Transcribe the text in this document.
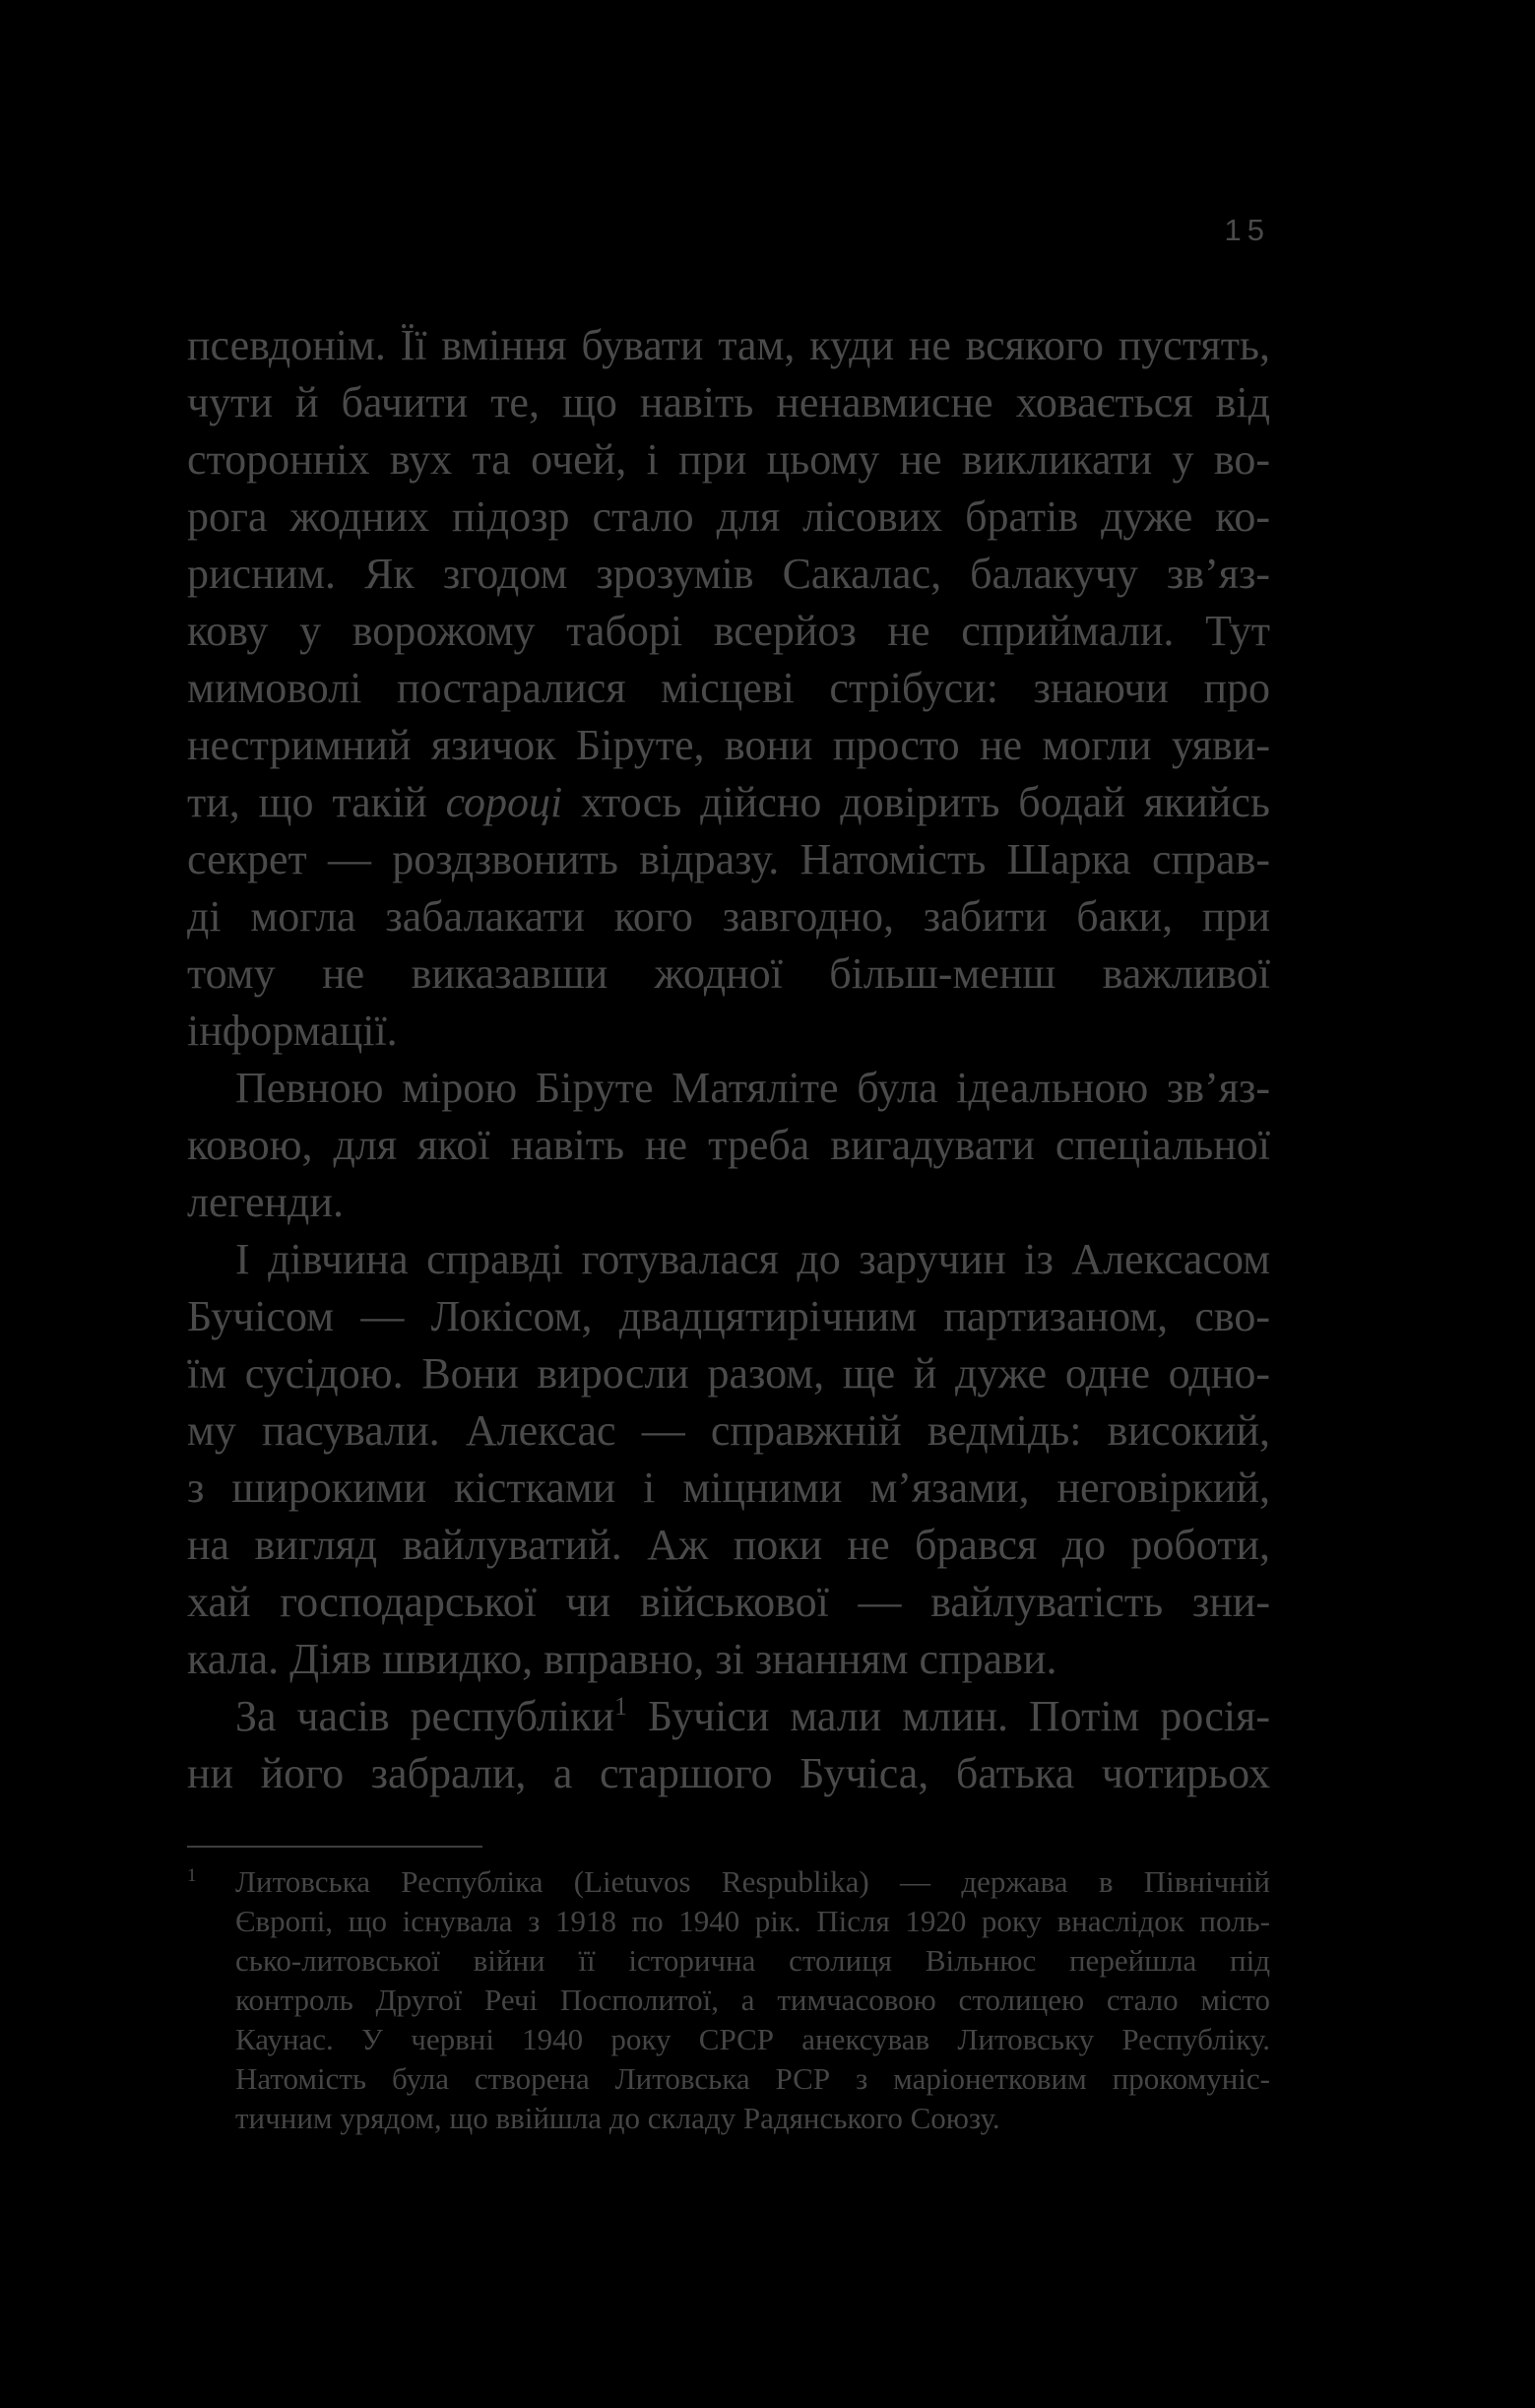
15
псевдонім. Її вміння бувати там, куди не всякого пустять,
чути й бачити те, що навіть ненавмисне ховається від
сторонніх вух та очей, і при цьому не викликати у во-
рога жодних підозр стало для лісових братів дуже ко-
рисним. Як згодом зрозумів Сакалас, балакучу зв’яз-
кову у ворожому таборі всерйоз не сприймали. Тут
мимоволі постаралися місцеві стрібуси: знаючи про
нестримний язичок Біруте, вони просто не могли уяви-
ти, що такій сороці хтось дійсно довірить бодай якийсь
секрет — роздзвонить відразу. Натомість Шарка справ-
ді могла забалакати кого завгодно, забити баки, при
тому не виказавши жодної більш-менш важливої
інформації.
Певною мірою Біруте Матяліте була ідеальною зв’яз-
ковою, для якої навіть не треба вигадувати спеціальної
легенди.
І дівчина справді готувалася до заручин із Алексасом
Бучісом — Локісом, двадцятирічним партизаном, сво-
їм сусідою. Вони виросли разом, ще й дуже одне одно-
му пасували. Алексас — справжній ведмідь: високий,
з широкими кістками і міцними м’язами, неговіркий,
на вигляд вайлуватий. Аж поки не брався до роботи,
хай господарської чи військової — вайлуватість зни-
кала. Діяв швидко, вправно, зі знанням справи.
За часів республіки$^1$ Бучіси мали млин. Потім росія-
ни його забрали, а старшого Бучіса, батька чотирьох
1 Литовська Республіка (Lietuvos Respublika) — держава в Північній
Європі, що існувала з 1918 по 1940 рік. Після 1920 року внаслідок поль-
сько-литовської війни її історична столиця Вільнюс перейшла під
контроль Другої Речі Посполитої, а тимчасовою столицею стало місто
Каунас. У червні 1940 року СРСР анексував Литовську Республіку.
Натомість була створена Литовська РСР з маріонетковим прокомуніс-
тичним урядом, що ввійшла до складу Радянського Союзу.
